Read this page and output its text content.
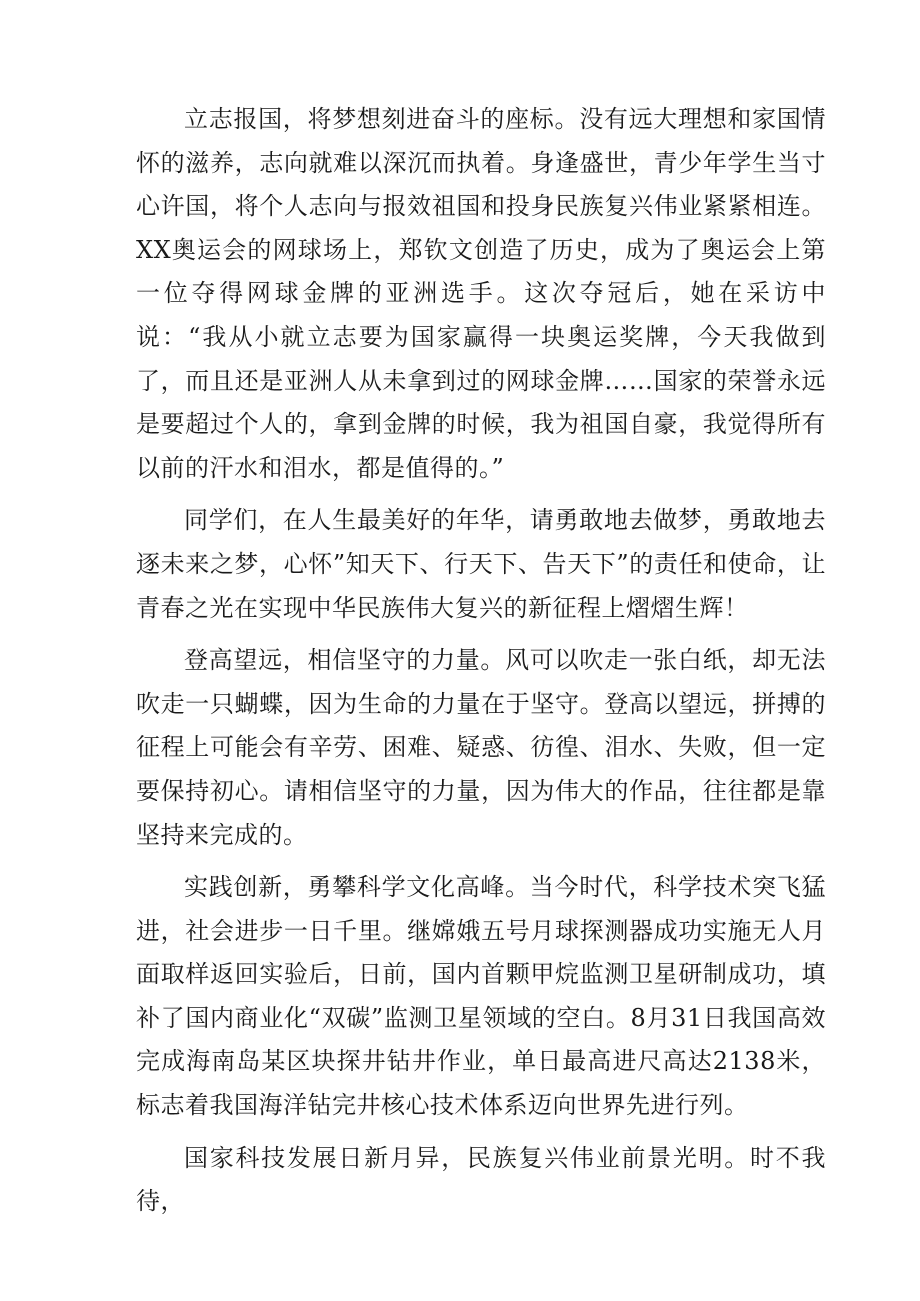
立志报国，将梦想刻进奋斗的座标。没有远大理想和家国情怀的滋养，志向就难以深沉而执着。身逢盛世，青少年学生当寸心许国，将个人志向与报效祖国和投身民族复兴伟业紧紧相连。XX奥运会的网球场上，郑钦文创造了历史，成为了奥运会上第一位夺得网球金牌的亚洲选手。这次夺冠后，她在采访中说：“我从小就立志要为国家赢得一块奥运奖牌，今天我做到了，而且还是亚洲人从未拿到过的网球金牌……国家的荣誉永远是要超过个人的，拿到金牌的时候，我为祖国自豪，我觉得所有以前的汗水和泪水，都是值得的。”

同学们，在人生最美好的年华，请勇敢地去做梦，勇敢地去逐未来之梦，心怀”知天下、行天下、告天下”的责任和使命，让青春之光在实现中华民族伟大复兴的新征程上熠熠生辉！

登高望远，相信坚守的力量。风可以吹走一张白纸，却无法吹走一只蝴蝶，因为生命的力量在于坚守。登高以望远，拼搏的征程上可能会有辛劳、困难、疑惑、彷徨、泪水、失败，但一定要保持初心。请相信坚守的力量，因为伟大的作品，往往都是靠坚持来完成的。

实践创新，勇攀科学文化高峰。当今时代，科学技术突飞猛进，社会进步一日千里。继嫦娥五号月球探测器成功实施无人月面取样返回实验后，日前，国内首颗甲烷监测卫星研制成功，填补了国内商业化“双碳”监测卫星领域的空白。8月31日我国高效完成海南岛某区块探井钻井作业，单日最高进尺高达2138米，标志着我国海洋钻完井核心技术体系迈向世界先进行列。

国家科技发展日新月异，民族复兴伟业前景光明。时不我待，
